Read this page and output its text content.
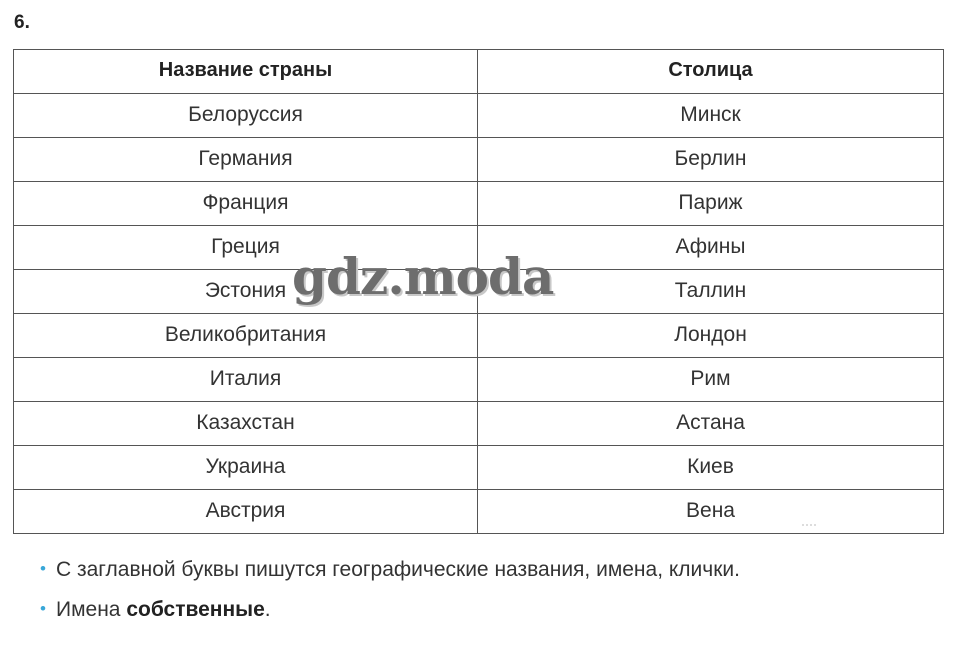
6.
Название страны	Столица
Белоруссия	Минск
Германия	Берлин
Франция	Париж
Греция	Афины
Эстония	Таллин
Великобритания	Лондон
Италия	Рим
Казахстан	Астана
Украина	Киев
Австрия	Вена
gdz.moda
• С заглавной буквы пишутся географические названия, имена, клички.
• Имена собственные.
